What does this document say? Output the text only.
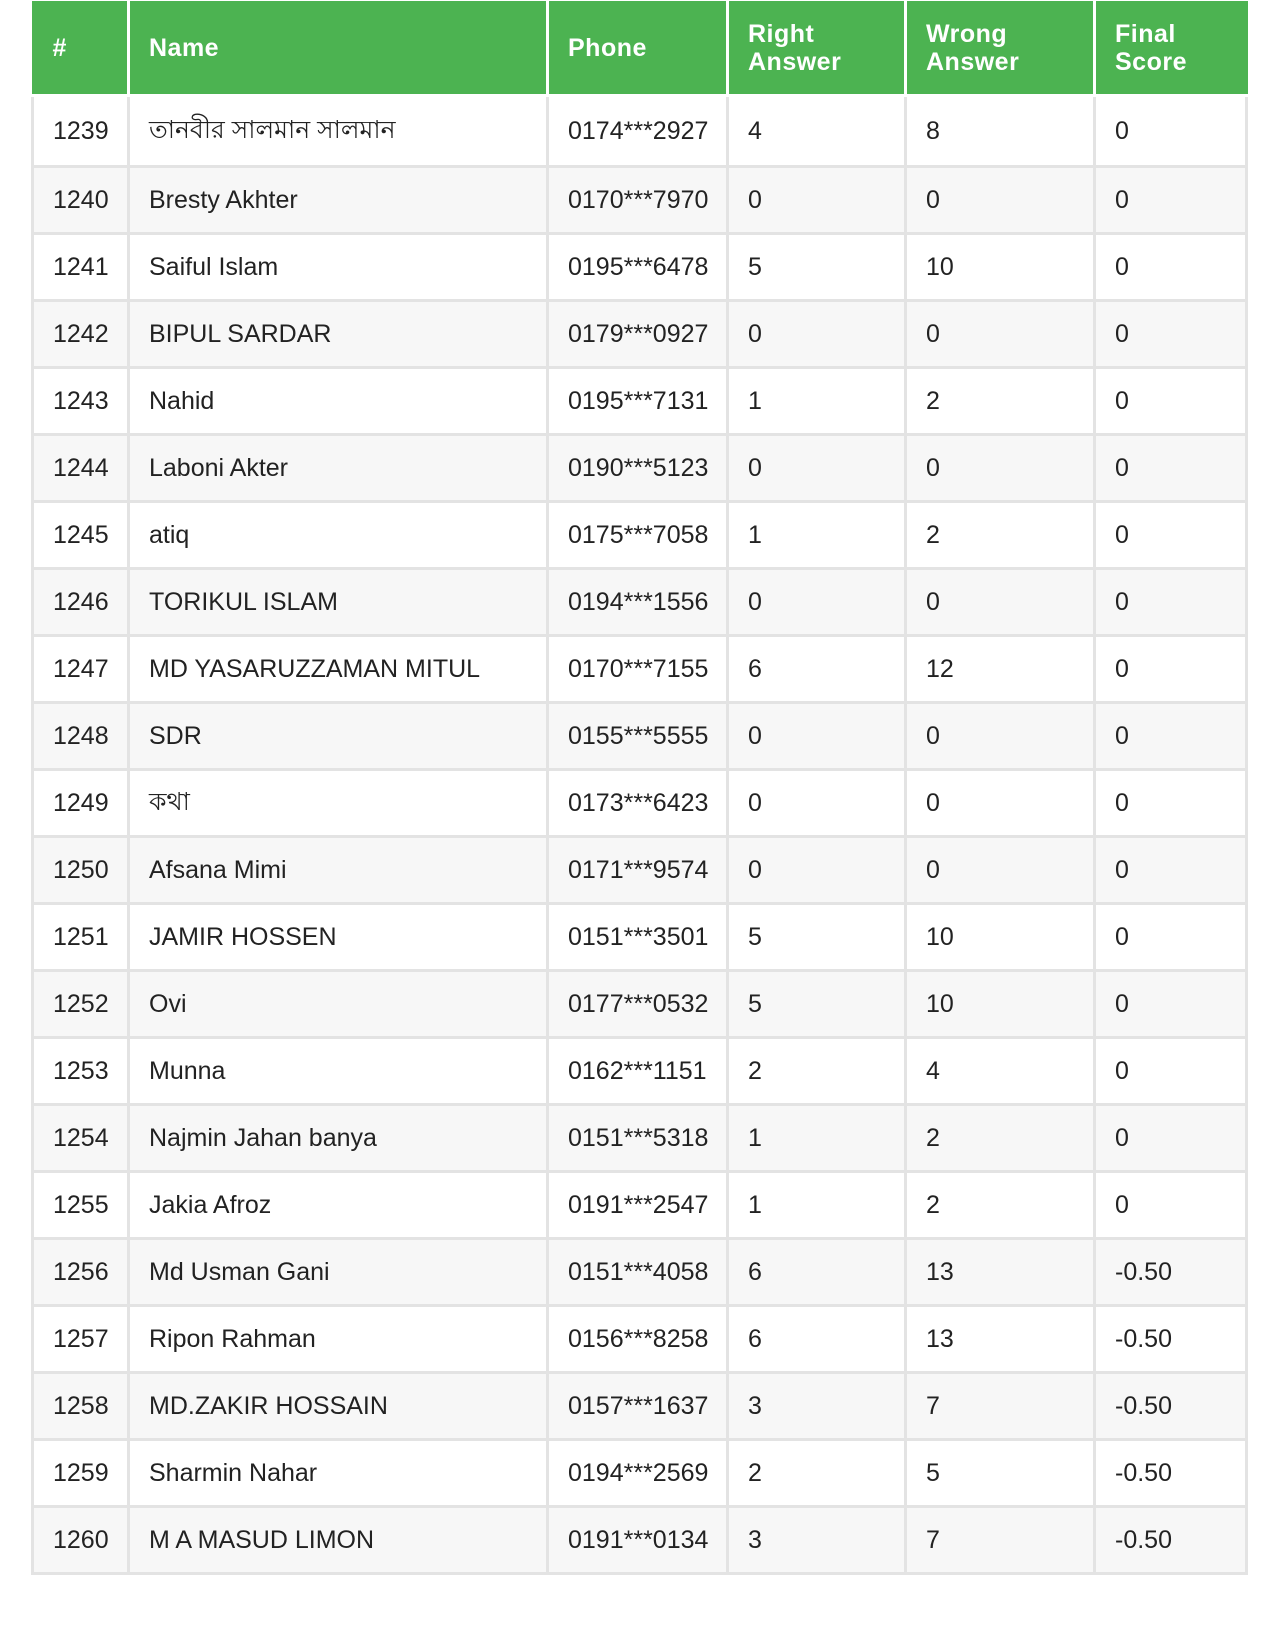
#	Name	Phone	Right Answer	Wrong Answer	Final Score

1239	তানবীর সালমান সালমান	0174***2927	4	8	0
1240	Bresty Akhter	0170***7970	0	0	0
1241	Saiful Islam	0195***6478	5	10	0
1242	BIPUL SARDAR	0179***0927	0	0	0
1243	Nahid	0195***7131	1	2	0
1244	Laboni Akter	0190***5123	0	0	0
1245	atiq	0175***7058	1	2	0
1246	TORIKUL ISLAM	0194***1556	0	0	0
1247	MD YASARUZZAMAN MITUL	0170***7155	6	12	0
1248	SDR	0155***5555	0	0	0
1249	কথা	0173***6423	0	0	0
1250	Afsana Mimi	0171***9574	0	0	0
1251	JAMIR HOSSEN	0151***3501	5	10	0
1252	Ovi	0177***0532	5	10	0
1253	Munna	0162***1151	2	4	0
1254	Najmin Jahan banya	0151***5318	1	2	0
1255	Jakia Afroz	0191***2547	1	2	0
1256	Md Usman Gani	0151***4058	6	13	-0.50
1257	Ripon Rahman	0156***8258	6	13	-0.50
1258	MD.ZAKIR HOSSAIN	0157***1637	3	7	-0.50
1259	Sharmin Nahar	0194***2569	2	5	-0.50
1260	M A MASUD LIMON	0191***0134	3	7	-0.50
